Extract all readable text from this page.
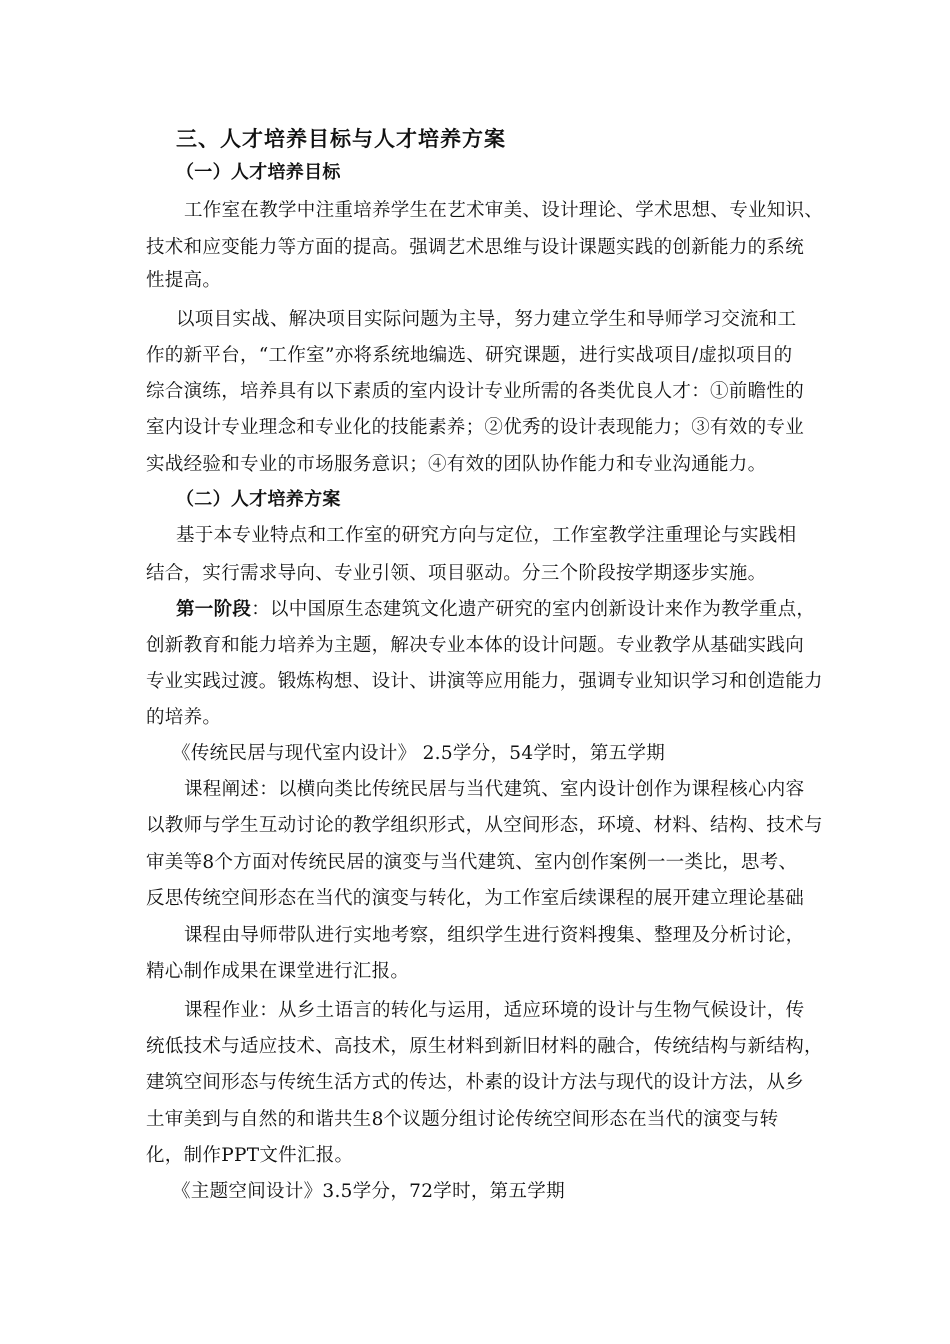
三、人才培养目标与人才培养方案
（一）人才培养目标
工作室在教学中注重培养学生在艺术审美、设计理论、学术思想、专业知识、
技术和应变能力等方面的提高。强调艺术思维与设计课题实践的创新能力的系统
性提高。
以项目实战、解决项目实际问题为主导，努力建立学生和导师学习交流和工
作的新平台，“工作室”亦将系统地编选、研究课题，进行实战项目/虚拟项目的
综合演练，培养具有以下素质的室内设计专业所需的各类优良人才：①前瞻性的
室内设计专业理念和专业化的技能素养；②优秀的设计表现能力；③有效的专业
实战经验和专业的市场服务意识；④有效的团队协作能力和专业沟通能力。
（二）人才培养方案
基于本专业特点和工作室的研究方向与定位，工作室教学注重理论与实践相
结合，实行需求导向、专业引领、项目驱动。分三个阶段按学期逐步实施。
第一阶段：以中国原生态建筑文化遗产研究的室内创新设计来作为教学重点，
创新教育和能力培养为主题，解决专业本体的设计问题。专业教学从基础实践向
专业实践过渡。锻炼构想、设计、讲演等应用能力，强调专业知识学习和创造能力
的培养。
《传统民居与现代室内设计》 2.5学分，54学时，第五学期
课程阐述：以横向类比传统民居与当代建筑、室内设计创作为课程核心内容
以教师与学生互动讨论的教学组织形式，从空间形态，环境、材料、结构、技术与
审美等8个方面对传统民居的演变与当代建筑、室内创作案例一一类比，思考、
反思传统空间形态在当代的演变与转化，为工作室后续课程的展开建立理论基础
课程由导师带队进行实地考察，组织学生进行资料搜集、整理及分析讨论，
精心制作成果在课堂进行汇报。
课程作业：从乡土语言的转化与运用，适应环境的设计与生物气候设计，传
统低技术与适应技术、高技术，原生材料到新旧材料的融合，传统结构与新结构，
建筑空间形态与传统生活方式的传达，朴素的设计方法与现代的设计方法，从乡
土审美到与自然的和谐共生8个议题分组讨论传统空间形态在当代的演变与转
化，制作PPT文件汇报。
《主题空间设计》3.5学分，72学时，第五学期
